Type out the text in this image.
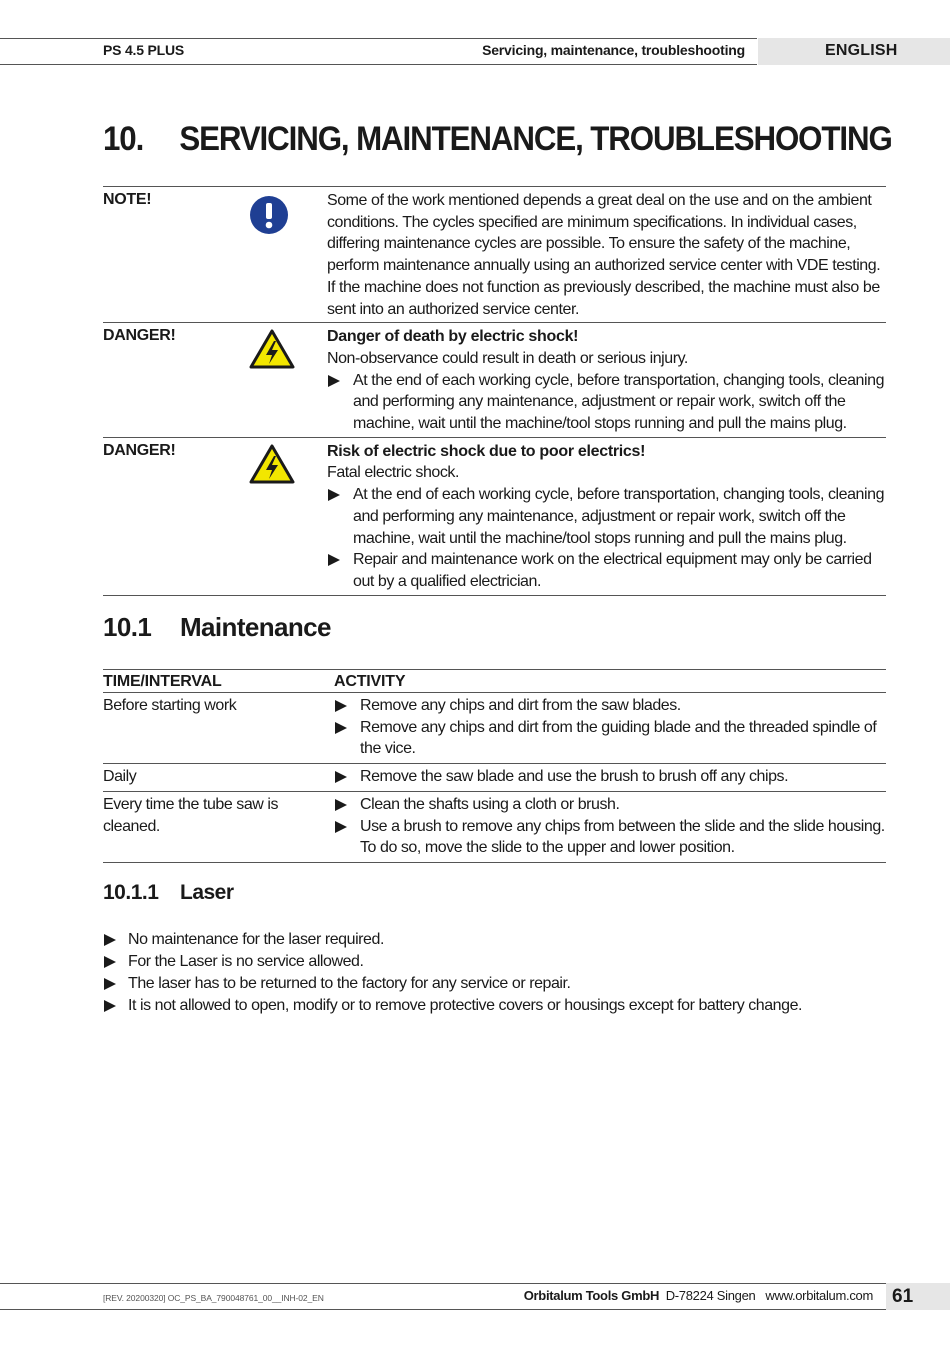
PS 4.5 PLUS	Servicing, maintenance, troubleshooting	ENGLISH
10. SERVICING, MAINTENANCE, TROUBLESHOOTING
NOTE!	Some of the work mentioned depends a great deal on the use and on the ambient conditions. The cycles specified are minimum specifications. In individual cases, differing maintenance cycles are possible. To ensure the safety of the machine, perform maintenance annually using an authorized service center with VDE testing. If the machine does not function as previously described, the machine must also be sent into an authorized service center.
DANGER!	Danger of death by electric shock!
Non-observance could result in death or serious injury.
At the end of each working cycle, before transportation, changing tools, cleaning and performing any maintenance, adjustment or repair work, switch off the machine, wait until the machine/tool stops running and pull the mains plug.
DANGER!	Risk of electric shock due to poor electrics!
Fatal electric shock.
At the end of each working cycle, before transportation, changing tools, cleaning and performing any maintenance, adjustment or repair work, switch off the machine, wait until the machine/tool stops running and pull the mains plug.
Repair and maintenance work on the electrical equipment may only be carried out by a qualified electrician.
10.1 Maintenance
TIME/INTERVAL	ACTIVITY
Before starting work	Remove any chips and dirt from the saw blades.
Remove any chips and dirt from the guiding blade and the threaded spindle of the vice.

Daily	Remove the saw blade and use the brush to brush off any chips.

Every time the tube saw is cleaned.	Clean the shafts using a cloth or brush.
Use a brush to remove any chips from between the slide and the slide housing. To do so, move the slide to the upper and lower position.
10.1.1 Laser
No maintenance for the laser required.
For the Laser is no service allowed.
The laser has to be returned to the factory for any service or repair.
It is not allowed to open, modify or to remove protective covers or housings except for battery change.
[REV. 20200320] OC_PS_BA_790048761_00__INH-02_EN	Orbitalum Tools GmbH D-78224 Singen www.orbitalum.com 61
